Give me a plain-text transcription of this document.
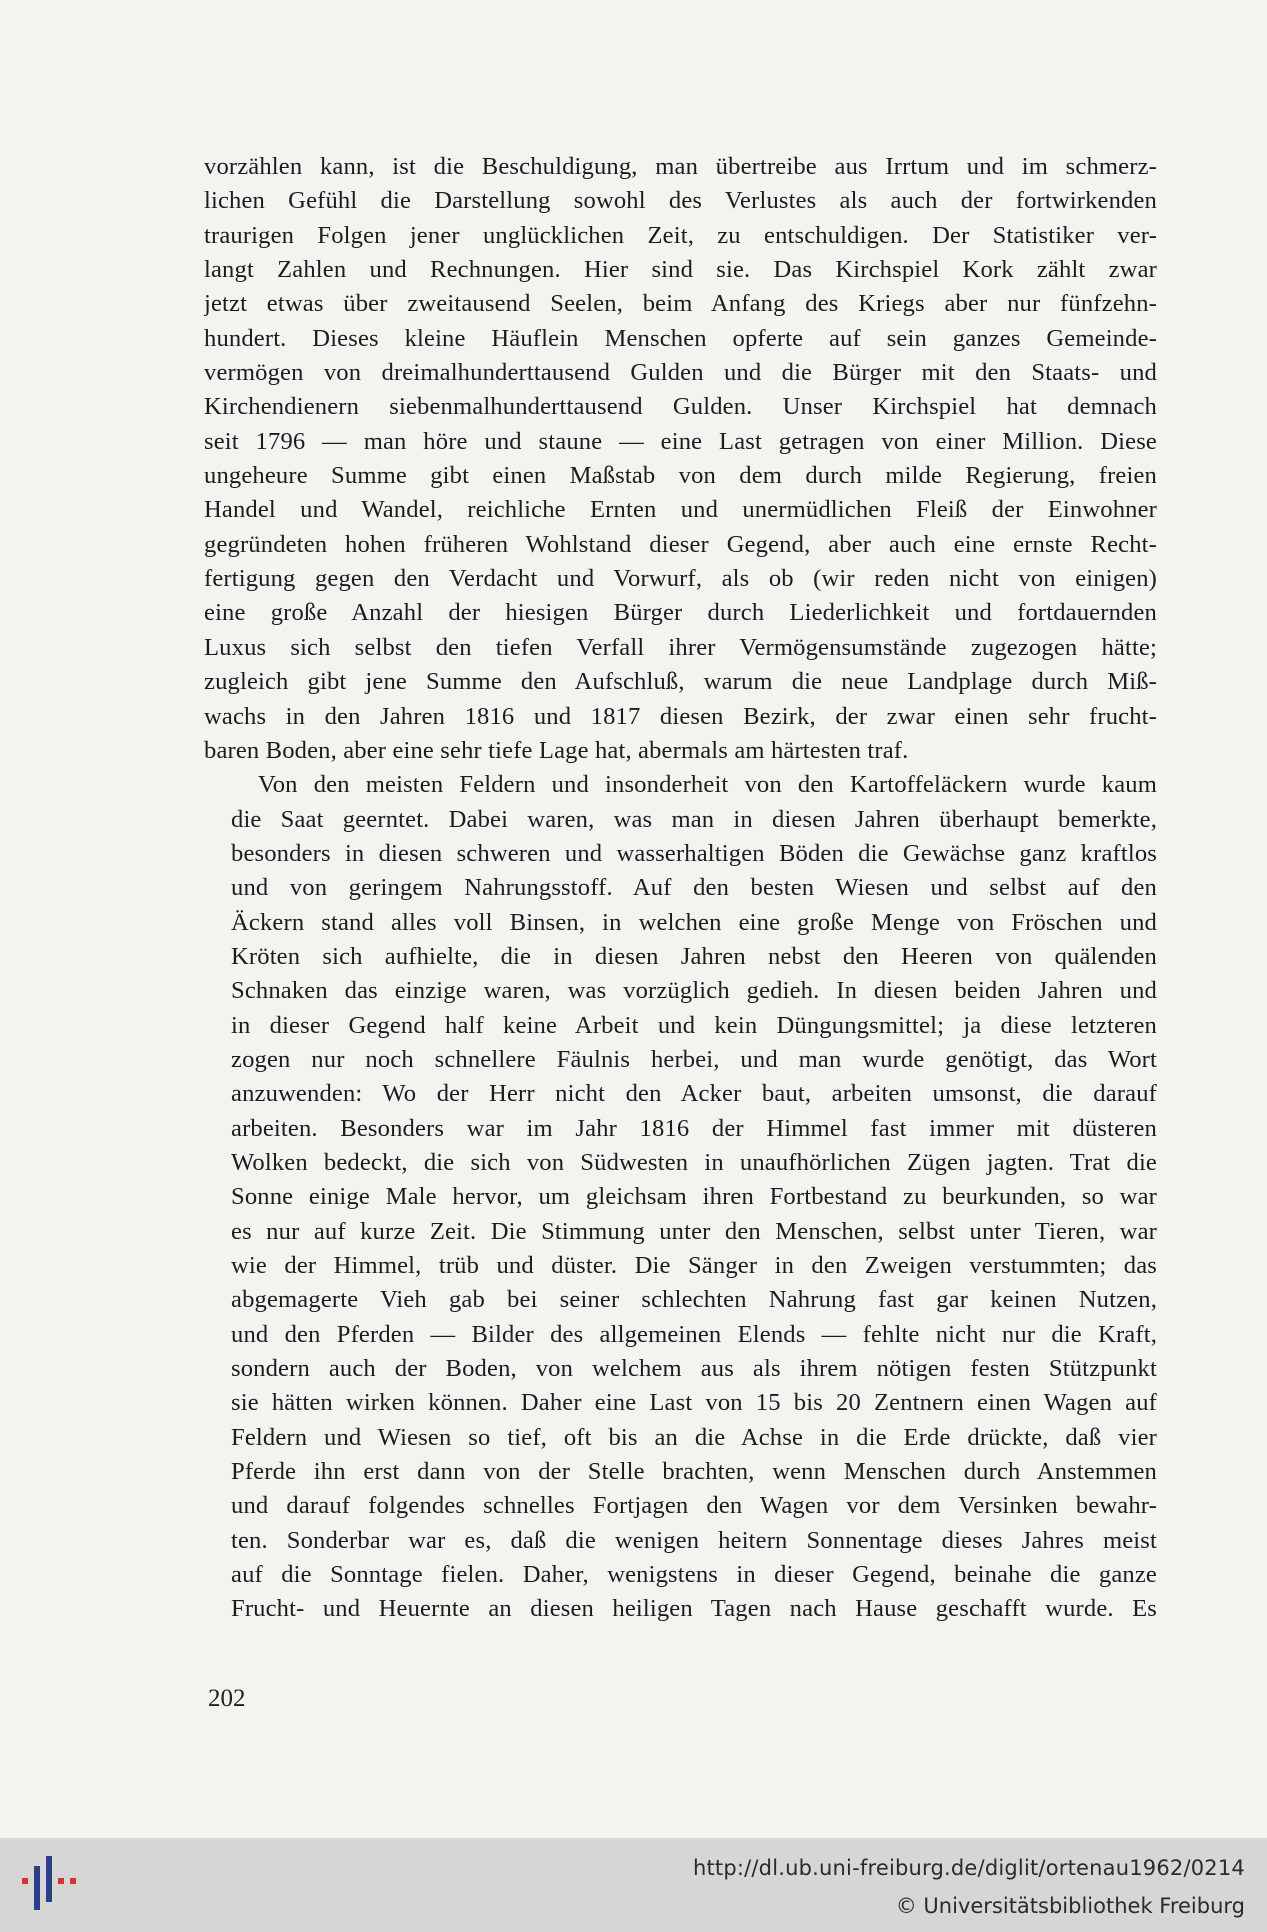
vorzählen kann, ist die Beschuldigung, man übertreibe aus Irrtum und im schmerz-
lichen Gefühl die Darstellung sowohl des Verlustes als auch der fortwirkenden
traurigen Folgen jener unglücklichen Zeit, zu entschuldigen. Der Statistiker ver-
langt Zahlen und Rechnungen. Hier sind sie. Das Kirchspiel Kork zählt zwar
jetzt etwas über zweitausend Seelen, beim Anfang des Kriegs aber nur fünfzehn-
hundert. Dieses kleine Häuflein Menschen opferte auf sein ganzes Gemeinde-
vermögen von dreimalhunderttausend Gulden und die Bürger mit den Staats- und
Kirchendienern siebenmalhunderttausend Gulden. Unser Kirchspiel hat demnach
seit 1796 — man höre und staune — eine Last getragen von einer Million. Diese
ungeheure Summe gibt einen Maßstab von dem durch milde Regierung, freien
Handel und Wandel, reichliche Ernten und unermüdlichen Fleiß der Einwohner
gegründeten hohen früheren Wohlstand dieser Gegend, aber auch eine ernste Recht-
fertigung gegen den Verdacht und Vorwurf, als ob (wir reden nicht von einigen)
eine große Anzahl der hiesigen Bürger durch Liederlichkeit und fortdauernden
Luxus sich selbst den tiefen Verfall ihrer Vermögensumstände zugezogen hätte;
zugleich gibt jene Summe den Aufschluß, warum die neue Landplage durch Miß-
wachs in den Jahren 1816 und 1817 diesen Bezirk, der zwar einen sehr frucht-
baren Boden, aber eine sehr tiefe Lage hat, abermals am härtesten traf.
Von den meisten Feldern und insonderheit von den Kartoffeläckern wurde kaum
die Saat geerntet. Dabei waren, was man in diesen Jahren überhaupt bemerkte,
besonders in diesen schweren und wasserhaltigen Böden die Gewächse ganz kraftlos
und von geringem Nahrungsstoff. Auf den besten Wiesen und selbst auf den
Äckern stand alles voll Binsen, in welchen eine große Menge von Fröschen und
Kröten sich aufhielte, die in diesen Jahren nebst den Heeren von quälenden
Schnaken das einzige waren, was vorzüglich gedieh. In diesen beiden Jahren und
in dieser Gegend half keine Arbeit und kein Düngungsmittel; ja diese letzteren
zogen nur noch schnellere Fäulnis herbei, und man wurde genötigt, das Wort
anzuwenden: Wo der Herr nicht den Acker baut, arbeiten umsonst, die darauf
arbeiten. Besonders war im Jahr 1816 der Himmel fast immer mit düsteren
Wolken bedeckt, die sich von Südwesten in unaufhörlichen Zügen jagten. Trat die
Sonne einige Male hervor, um gleichsam ihren Fortbestand zu beurkunden, so war
es nur auf kurze Zeit. Die Stimmung unter den Menschen, selbst unter Tieren, war
wie der Himmel, trüb und düster. Die Sänger in den Zweigen verstummten; das
abgemagerte Vieh gab bei seiner schlechten Nahrung fast gar keinen Nutzen,
und den Pferden — Bilder des allgemeinen Elends — fehlte nicht nur die Kraft,
sondern auch der Boden, von welchem aus als ihrem nötigen festen Stützpunkt
sie hätten wirken können. Daher eine Last von 15 bis 20 Zentnern einen Wagen auf
Feldern und Wiesen so tief, oft bis an die Achse in die Erde drückte, daß vier
Pferde ihn erst dann von der Stelle brachten, wenn Menschen durch Anstemmen
und darauf folgendes schnelles Fortjagen den Wagen vor dem Versinken bewahr-
ten. Sonderbar war es, daß die wenigen heitern Sonnentage dieses Jahres meist
auf die Sonntage fielen. Daher, wenigstens in dieser Gegend, beinahe die ganze
Frucht- und Heuernte an diesen heiligen Tagen nach Hause geschafft wurde. Es
202
http://dl.ub.uni-freiburg.de/diglit/ortenau1962/0214
© Universitätsbibliothek Freiburg
